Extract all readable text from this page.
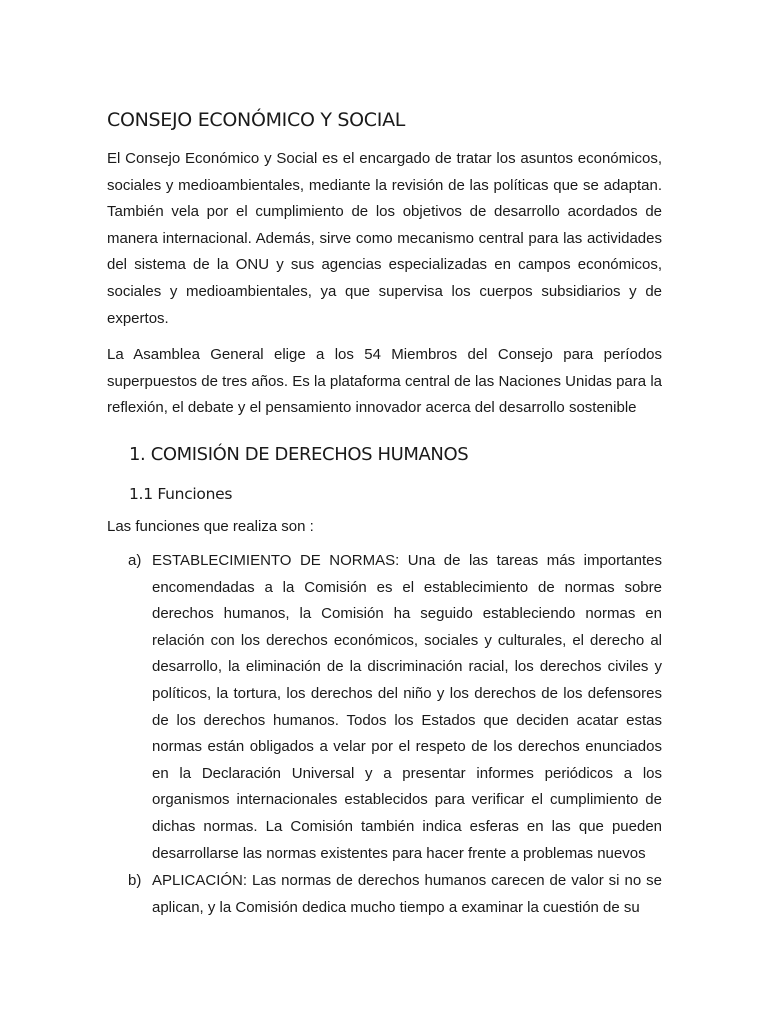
CONSEJO ECONÓMICO Y SOCIAL

El Consejo Económico y Social es el encargado de tratar los asuntos económicos, sociales y medioambientales, mediante la revisión de las políticas que se adaptan. También vela por el cumplimiento de los objetivos de desarrollo acordados de manera internacional. Además, sirve como mecanismo central para las actividades del sistema de la ONU y sus agencias especializadas en campos económicos, sociales y medioambientales, ya que supervisa los cuerpos subsidiarios y de expertos.

La Asamblea General elige a los 54 Miembros del Consejo para períodos superpuestos de tres años. Es la plataforma central de las Naciones Unidas para la reflexión, el debate y el pensamiento innovador acerca del desarrollo sostenible

1. COMISIÓN DE DERECHOS HUMANOS
1.1 Funciones

Las funciones que realiza son :

a) ESTABLECIMIENTO DE NORMAS: Una de las tareas más importantes encomendadas a la Comisión es el establecimiento de normas sobre derechos humanos, la Comisión ha seguido estableciendo normas en relación con los derechos económicos, sociales y culturales, el derecho al desarrollo, la eliminación de la discriminación racial, los derechos civiles y políticos, la tortura, los derechos del niño y los derechos de los defensores de los derechos humanos. Todos los Estados que deciden acatar estas normas están obligados a velar por el respeto de los derechos enunciados en la Declaración Universal y a presentar informes periódicos a los organismos internacionales establecidos para verificar el cumplimiento de dichas normas. La Comisión también indica esferas en las que pueden desarrollarse las normas existentes para hacer frente a problemas nuevos
b) APLICACIÓN: Las normas de derechos humanos carecen de valor si no se aplican, y la Comisión dedica mucho tiempo a examinar la cuestión de su
